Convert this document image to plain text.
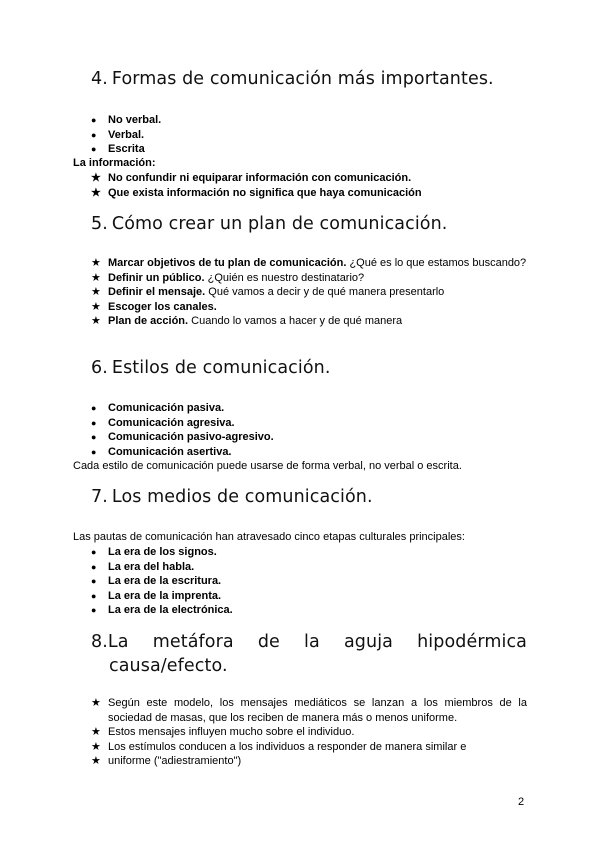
4. Formas de comunicación más importantes.
● No verbal.
● Verbal.
● Escrita
La información:
★ No confundir ni equiparar información con comunicación.
★ Que exista información no significa que haya comunicación
5. Cómo crear un plan de comunicación.
★ Marcar objetivos de tu plan de comunicación. ¿Qué es lo que estamos buscando?
★ Definir un público. ¿Quién es nuestro destinatario?
★ Definir el mensaje. Qué vamos a decir y de qué manera presentarlo
★ Escoger los canales.
★ Plan de acción. Cuando lo vamos a hacer y de qué manera
6. Estilos de comunicación.
● Comunicación pasiva.
● Comunicación agresiva.
● Comunicación pasivo-agresivo.
● Comunicación asertiva.
Cada estilo de comunicación puede usarse de forma verbal, no verbal o escrita.
7. Los medios de comunicación.
Las pautas de comunicación han atravesado cinco etapas culturales principales:
● La era de los signos.
● La era del habla.
● La era de la escritura.
● La era de la imprenta.
● La era de la electrónica.
8.La metáfora de la aguja hipodérmica
causa/efecto.
★ Según este modelo, los mensajes mediáticos se lanzan a los miembros de la sociedad de masas, que los reciben de manera más o menos uniforme.
★ Estos mensajes influyen mucho sobre el individuo.
★ Los estímulos conducen a los individuos a responder de manera similar e
★ uniforme ("adiestramiento")
2
